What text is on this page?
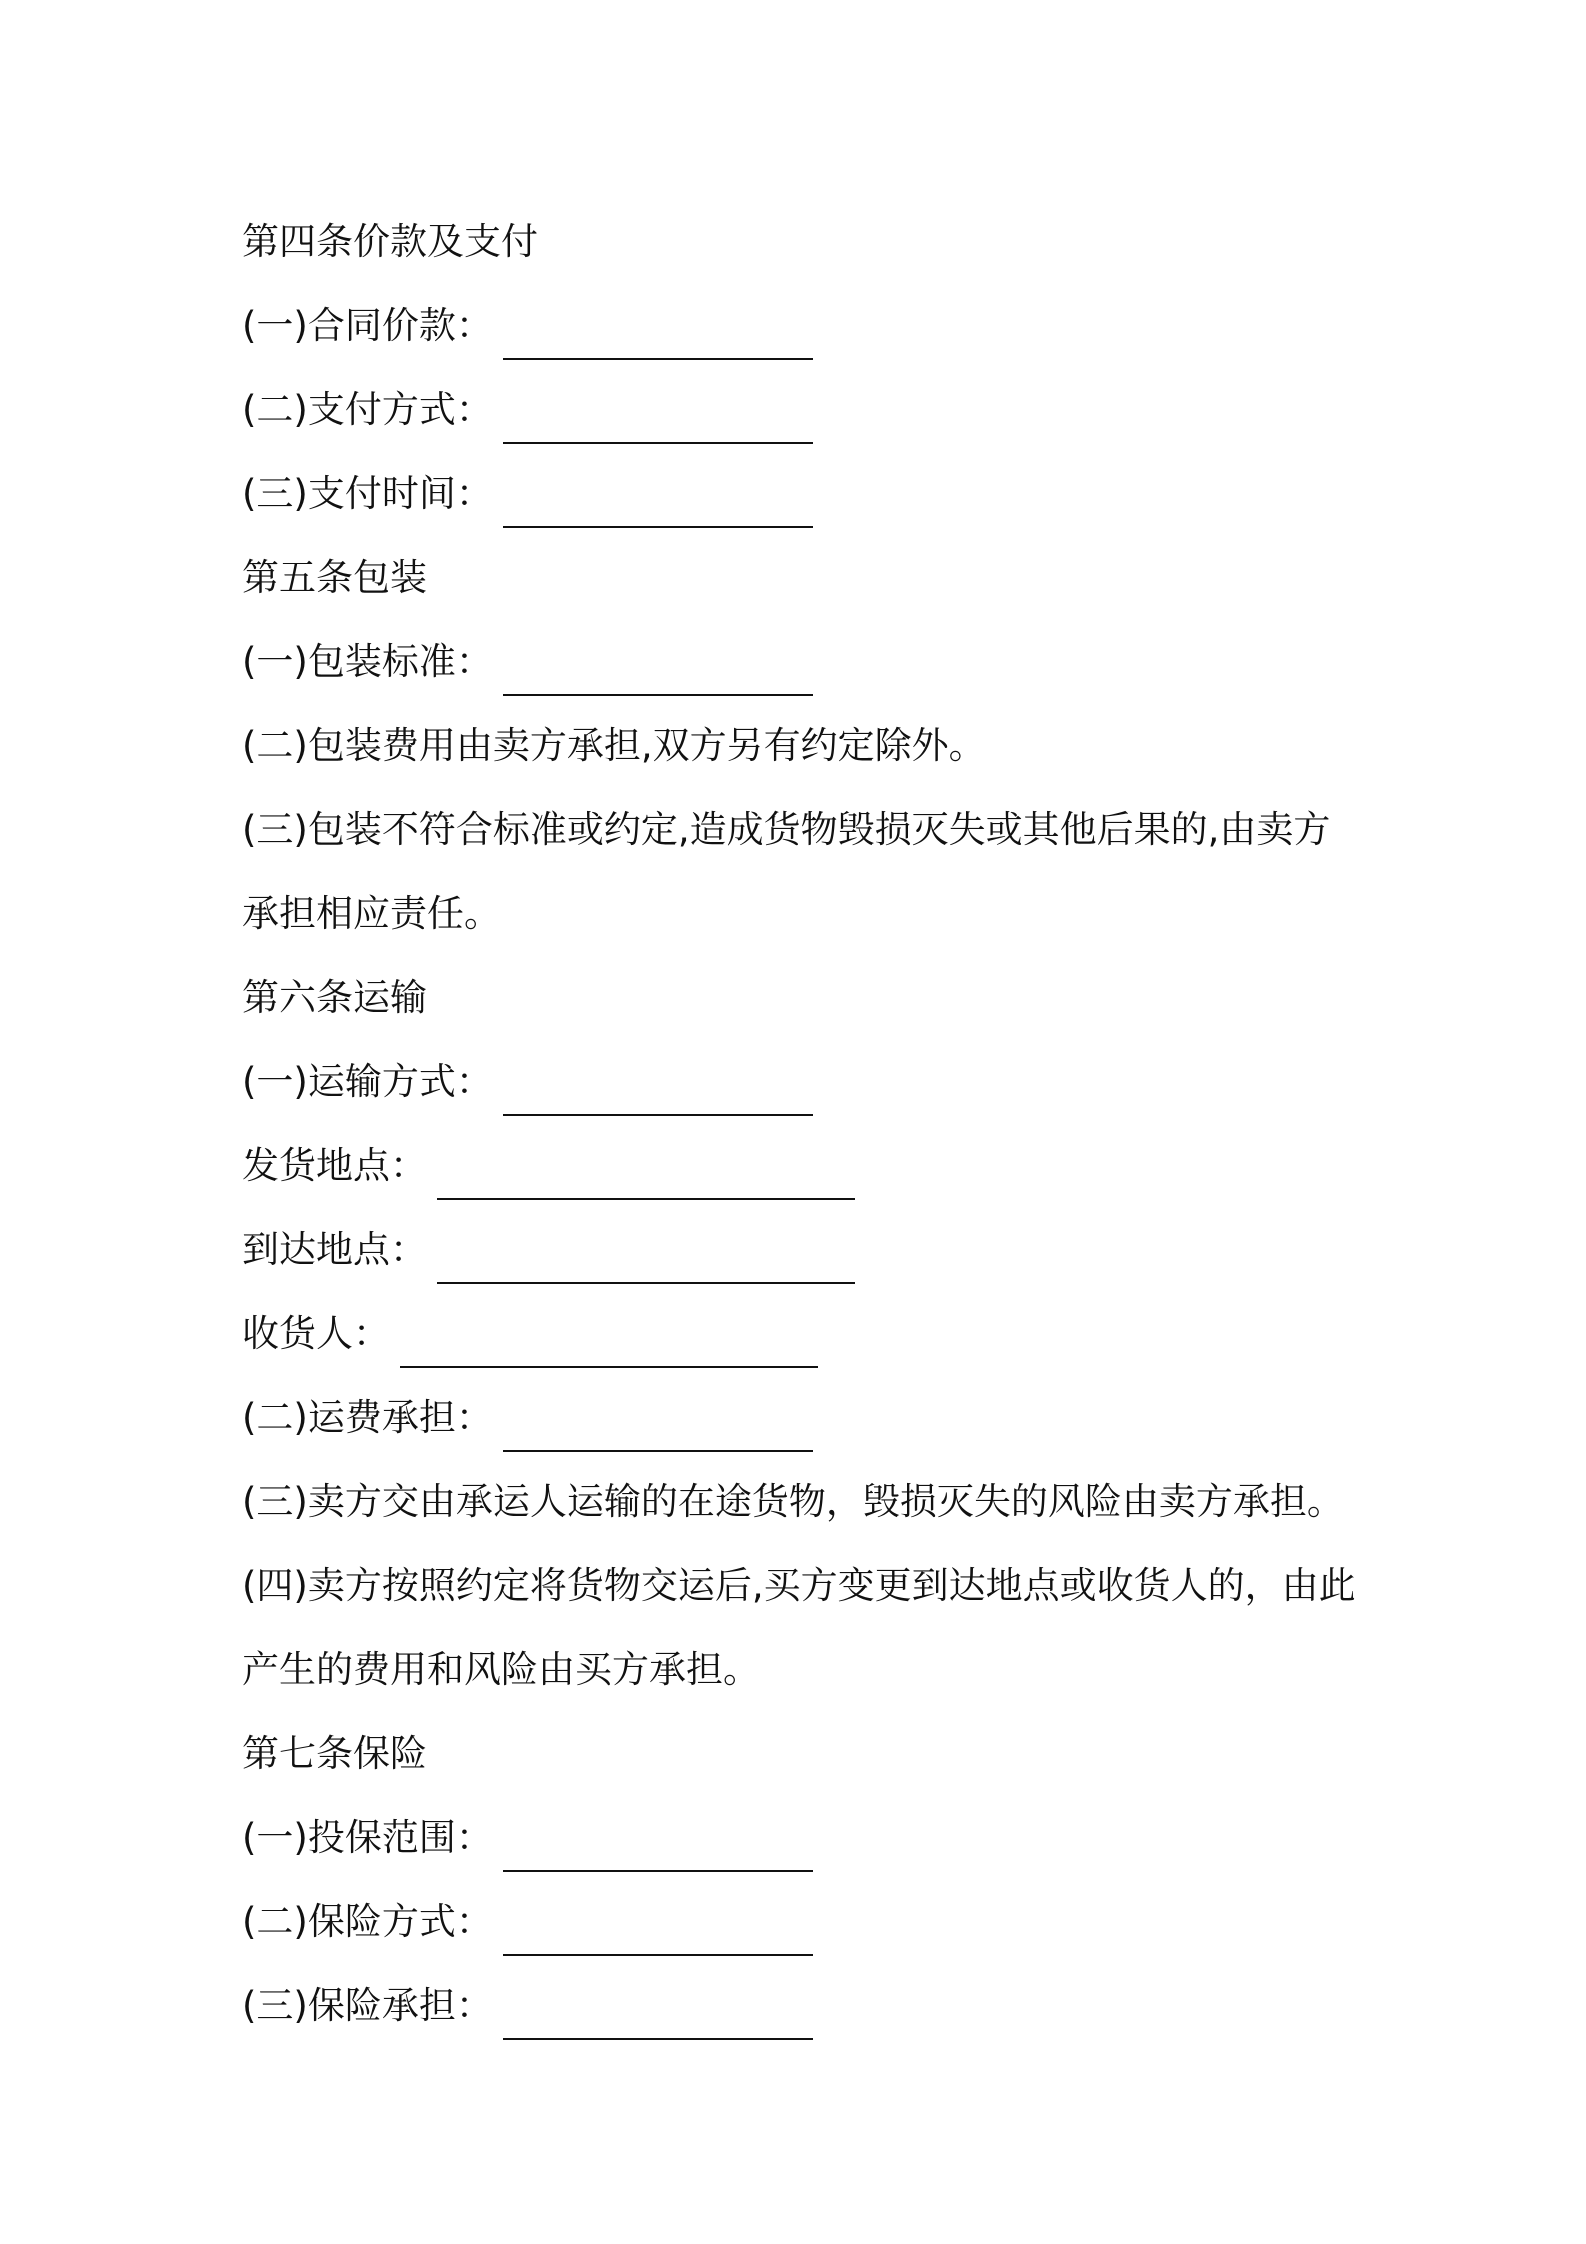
第四条价款及支付
(一)合同价款：
(二)支付方式：
(三)支付时间：
第五条包装
(一)包装标准：
(二)包装费用由卖方承担,双方另有约定除外。
(三)包装不符合标准或约定,造成货物毁损灭失或其他后果的,由卖方
承担相应责任。
第六条运输
(一)运输方式：
发货地点：
到达地点：
收货人：
(二)运费承担：
(三)卖方交由承运人运输的在途货物，毁损灭失的风险由卖方承担。
(四)卖方按照约定将货物交运后,买方变更到达地点或收货人的，由此
产生的费用和风险由买方承担。
第七条保险
(一)投保范围：
(二)保险方式：
(三)保险承担：
